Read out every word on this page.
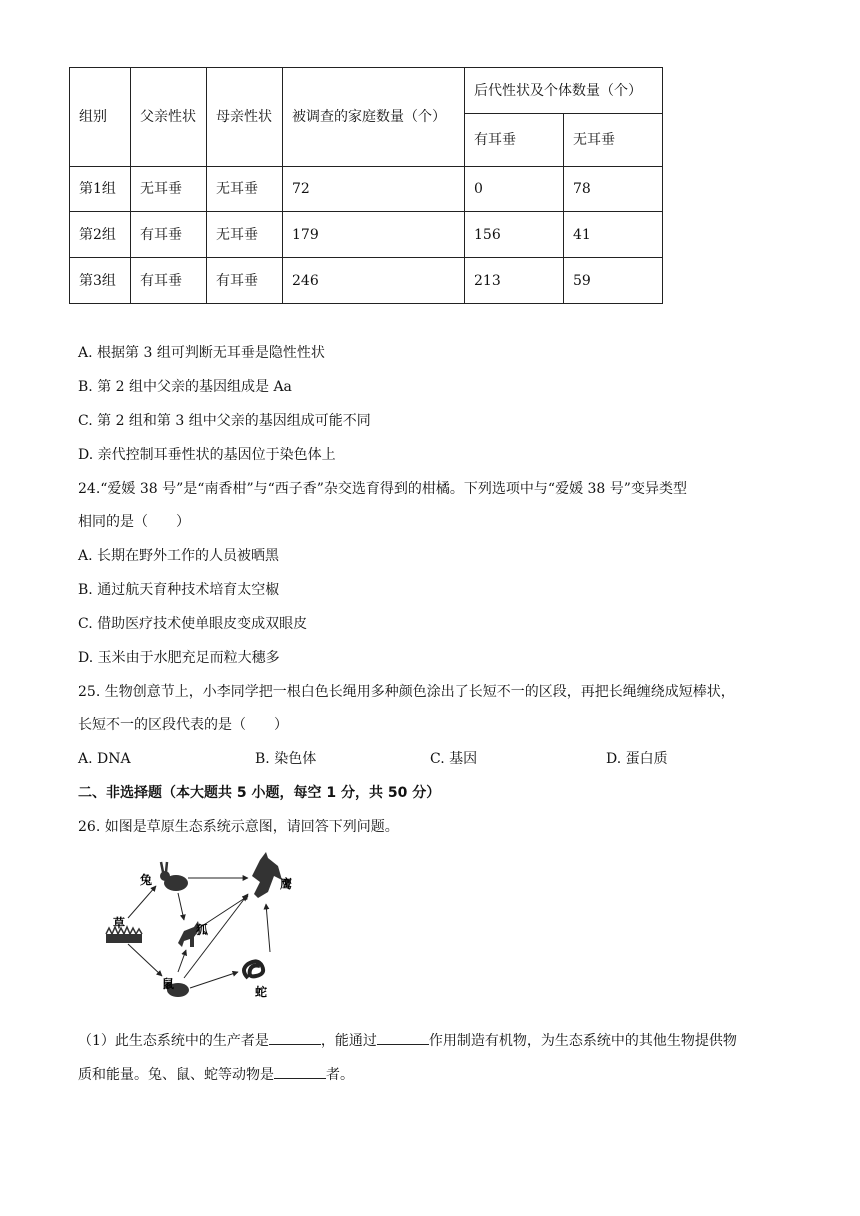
组别	父亲性状	母亲性状	被调查的家庭数量（个）	后代性状及个体数量（个）	
				有耳垂	无耳垂
第1组	无耳垂	无耳垂	72	0	78
第2组	有耳垂	无耳垂	179	156	41
第3组	有耳垂	有耳垂	246	213	59
A. 根据第 3 组可判断无耳垂是隐性性状
B. 第 2 组中父亲的基因组成是 Aa
C. 第 2 组和第 3 组中父亲的基因组成可能不同
D. 亲代控制耳垂性状的基因位于染色体上
24.“爱媛 38 号”是“南香柑”与“西子香”杂交选育得到的柑橘。下列选项中与“爱媛 38 号”变异类型
相同的是（　　）
A. 长期在野外工作的人员被晒黑
B. 通过航天育种技术培育太空椒
C. 借助医疗技术使单眼皮变成双眼皮
D. 玉米由于水肥充足而粒大穗多
25. 生物创意节上，小李同学把一根白色长绳用多种颜色涂出了长短不一的区段，再把长绳缠绕成短棒状，
长短不一的区段代表的是（　　）
A. DNA	B. 染色体	C. 基因	D. 蛋白质
二、非选择题（本大题共 5 小题，每空 1 分，共 50 分）
26. 如图是草原生态系统示意图，请回答下列问题。
兔
草	狐
鼠
蛇
鹰
（1）此生态系统中的生产者是	，能通过	作用制造有机物，为生态系统中的其他生物提供物
质和能量。兔、鼠、蛇等动物是	者。
